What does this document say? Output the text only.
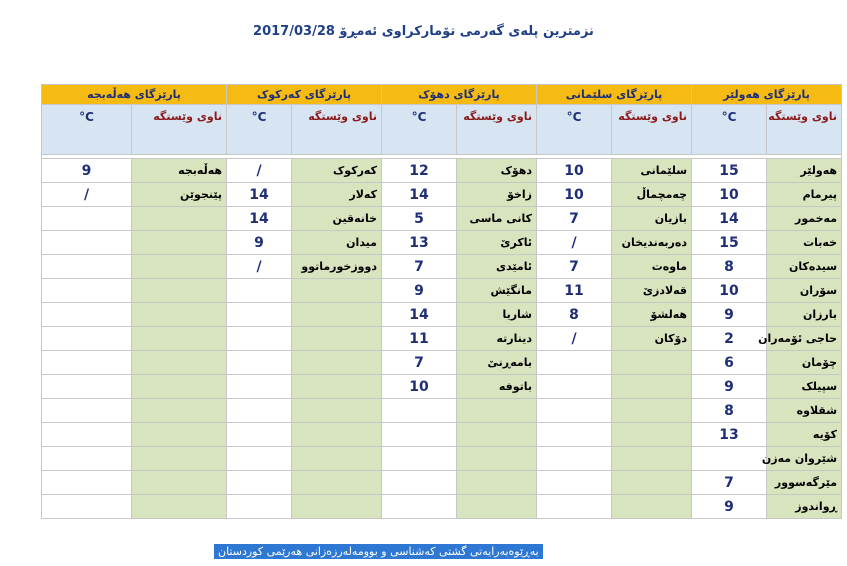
نزمترین پلەی گەرمی تۆمارکراوی ئەمڕۆ 2017/03/28
پارێزگای هەولێر		پارێزگای سلێمانی		پارێزگای دهۆک		پارێزگای کەرکوک		پارێزگای هەڵەبجە	
ناوی وێستگە	C°	ناوی وێستگە	C°	ناوی وێستگە	C°	ناوی وێستگە	C°	ناوی وێستگە	C°

هەولێر	15	سلێمانی	10	دهۆک	12	کەرکوک	/	هەڵەبجە	9
پیرمام	10	چەمچماڵ	10	زاخۆ	14	کەلار	14	پێنجوێن	/
مەخمور	14	بازیان	7	کانی ماسی	5	خانەقین	14		
خەبات	15	دەربەندیخان	/	ئاکرێ	13	میدان	9		
سیدەکان	8	ماوەت	7	ئامێدی	7	دووزخورماتوو	/		
سۆران	10	قەلادزێ	11	مانگێش	9				
بارزان	9	هەلشۆ	8	شاریا	14				
حاجی ئۆمەران	2	دۆکان	/	دینارتە	11				
چۆمان	6			بامەڕنێ	7				
سپیلک	9			باتوفە	10				
شقلاوە	8								
کۆیە	13								
شێروان مەزن									
مێرگەسوور	7								
ڕواندوز	9								
بەڕێوەبەرایەتی گشتی کەشناسی و بوومەلەرزەزانی هەرێمی کوردستان
